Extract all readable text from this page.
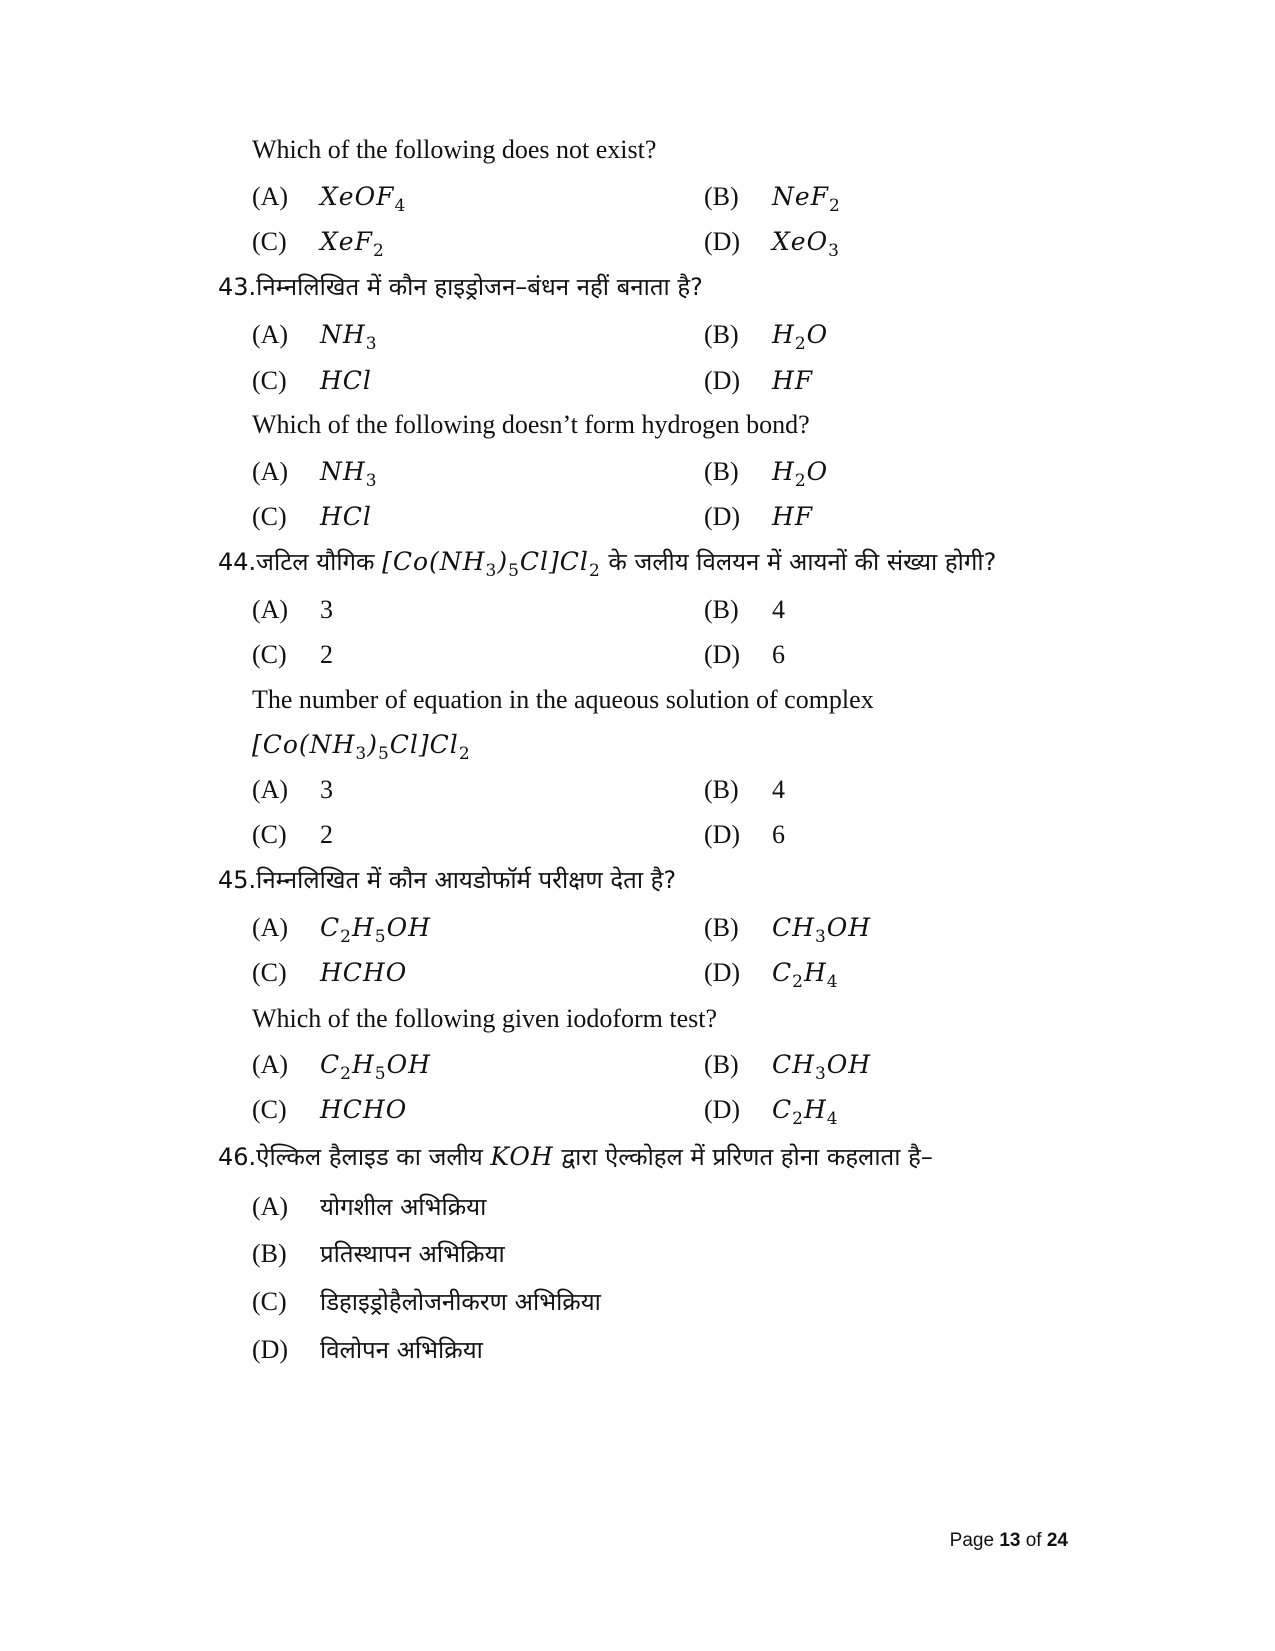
Which of the following does not exist?
(A) XeOF$_4$	(B) NeF$_2$
(C) XeF$_2$	(D) XeO$_3$
43.निम्नलिखित में कौन हाइड्रोजन–बंधन नहीं बनाता है?
(A) $NH_3$	(B) $H_2O$
(C) HCl	(D) HF
Which of the following doesn’t form hydrogen bond?
(A) $NH_3$	(B) $H_2O$
(C) HCl	(D) HF
44.जटिल यौगिक $[Co(NH_3)_5Cl]Cl_2$ के जलीय विलयन में आयनों की संख्या होगी?
(A) 3	(B) 4
(C) 2	(D) 6
The number of equation in the aqueous solution of complex
$[Co(NH_3)_5Cl]Cl_2$
(A) 3	(B) 4
(C) 2	(D) 6
45.निम्नलिखित में कौन आयडोफॉर्म परीक्षण देता है?
(A) $C_2H_5OH$	(B) $CH_3OH$
(C) HCHO	(D) $C_2H_4$
Which of the following given iodoform test?
(A) $C_2H_5OH$	(B) $CH_3OH$
(C) HCHO	(D) $C_2H_4$
46.ऐल्किल हैलाइड का जलीय KOH द्वारा ऐल्कोहल में प्ररिणत होना कहलाता है–
(A) योगशील अभिक्रिया
(B) प्रतिस्थापन अभिक्रिया
(C) डिहाइड्रोहैलोजनीकरण अभिक्रिया
(D) विलोपन अभिक्रिया
Page 13 of 24
